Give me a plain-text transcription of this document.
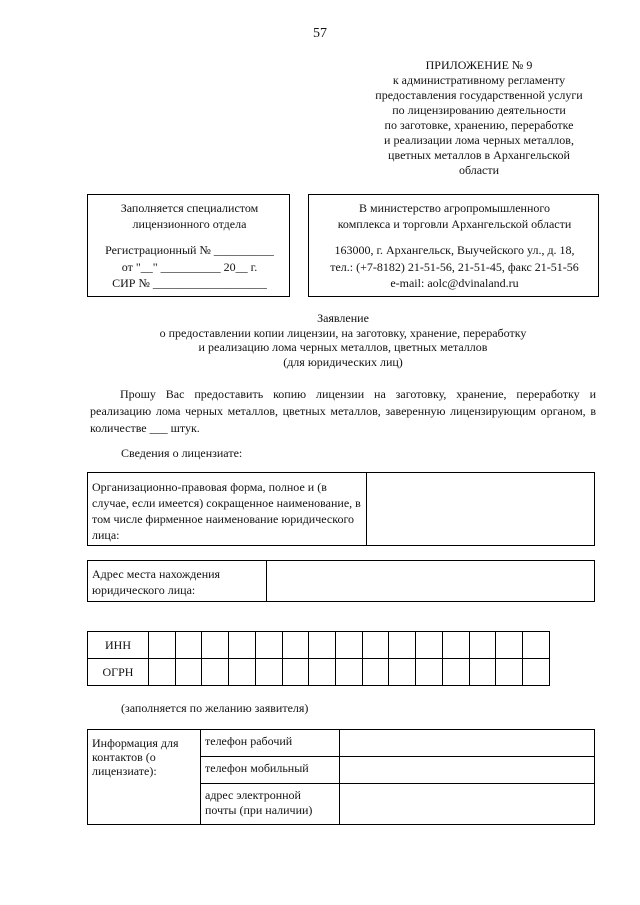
57
ПРИЛОЖЕНИЕ № 9
к административному регламенту
предоставления государственной услуги
по лицензированию деятельности
по заготовке, хранению, переработке
и реализации лома черных металлов,
цветных металлов в Архангельской
области
Заполняется специалистом
лицензионного отдела
Регистрационный № __________
от "__" __________ 20__ г.
СИР № ___________________
В министерство агропромышленного
комплекса и торговли Архангельской области
163000, г. Архангельск, Выучейского ул., д. 18,
тел.: (+7-8182) 21-51-56, 21-51-45, факс 21-51-56
e-mail: aolc@dvinaland.ru
Заявление
о предоставлении копии лицензии, на заготовку, хранение, переработку
и реализацию лома черных металлов, цветных металлов
(для юридических лиц)
Прошу Вас предоставить копию лицензии на заготовку, хранение, переработку и реализацию лома черных металлов, цветных металлов, заверенную лицензирующим органом, в количестве ___ штук.
Сведения о лицензиате:
Организационно-правовая форма, полное и (в случае, если имеется) сокращенное наименование, в том числе фирменное наименование юридического лица:	
Адрес места нахождения юридического лица:	
ИНН															
ОГРН															
(заполняется по желанию заявителя)
Информация для контактов (о лицензиате):	телефон рабочий	
	телефон мобильный	
	адрес электронной почты (при наличии)	
